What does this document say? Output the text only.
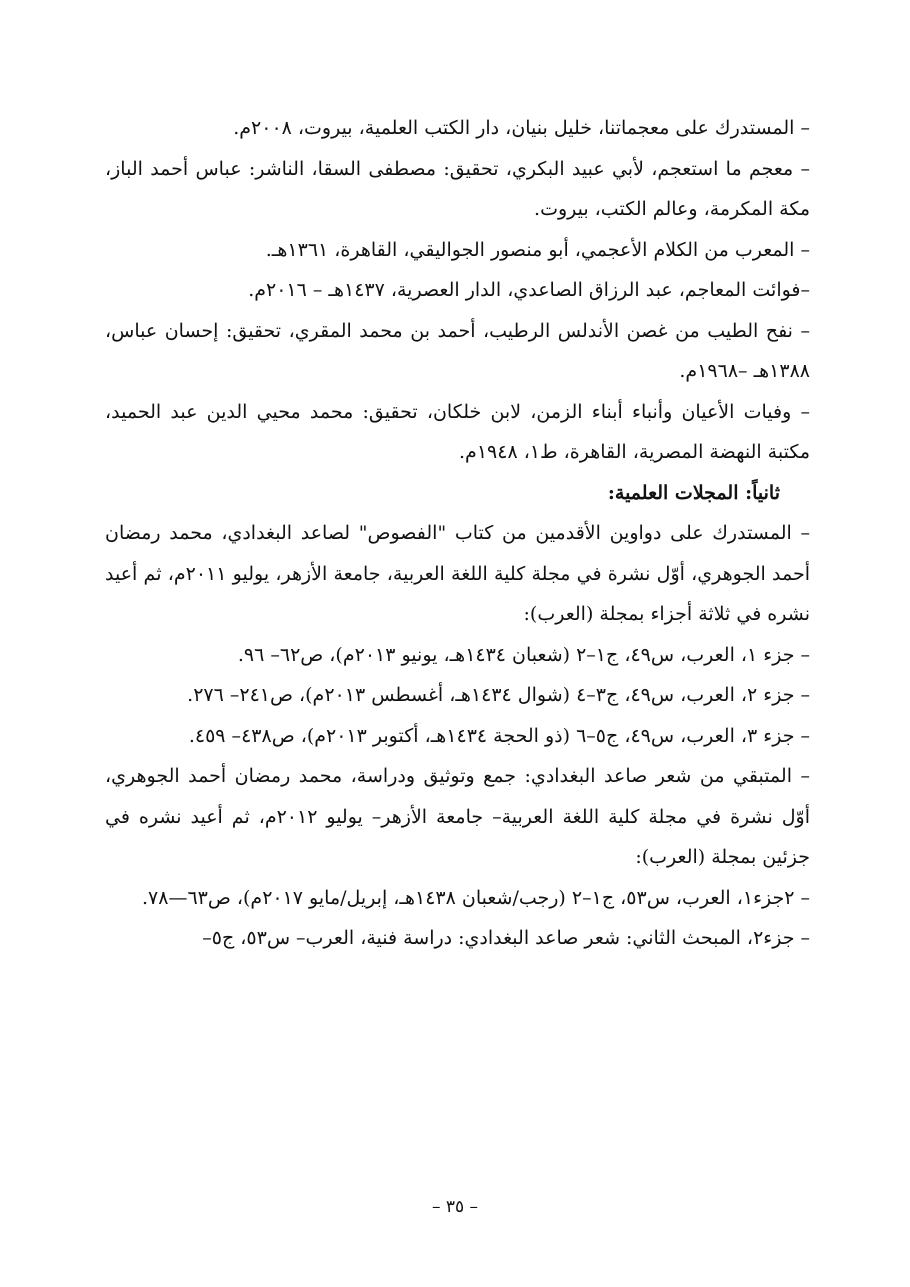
– المستدرك على معجماتنا، خليل بنيان، دار الكتب العلمية، بيروت، ٢٠٠٨م.

– معجم ما استعجم، لأبي عبيد البكري، تحقيق: مصطفى السقا، الناشر: عباس أحمد الباز، مكة المكرمة، وعالم الكتب، بيروت.

– المعرب من الكلام الأعجمي، أبو منصور الجواليقي، القاهرة، ١٣٦١هـ.

–فوائت المعاجم، عبد الرزاق الصاعدي، الدار العصرية، ١٤٣٧هـ – ٢٠١٦م.

– نفح الطيب من غصن الأندلس الرطيب، أحمد بن محمد المقري، تحقيق: إحسان عباس، ١٣٨٨هـ –١٩٦٨م.

– وفيات الأعيان وأنباء أبناء الزمن، لابن خلكان، تحقيق: محمد محيي الدين عبد الحميد، مكتبة النهضة المصرية، القاهرة، ط١، ١٩٤٨م.

ثانياً: المجلات العلمية:

– المستدرك على دواوين الأقدمين من كتاب "الفصوص" لصاعد البغدادي، محمد رمضان أحمد الجوهري، أوّل نشرة في مجلة كلية اللغة العربية، جامعة الأزهر، يوليو ٢٠١١م، ثم أعيد نشره في ثلاثة أجزاء بمجلة (العرب):

– جزء ١، العرب، س٤٩، ج١–٢ (شعبان ١٤٣٤هـ، يونيو ٢٠١٣م)، ص٦٢– ٩٦.

– جزء ٢، العرب، س٤٩، ج٣–٤ (شوال ١٤٣٤هـ، أغسطس ٢٠١٣م)، ص٢٤١– ٢٧٦.

– جزء ٣، العرب، س٤٩، ج٥–٦ (ذو الحجة ١٤٣٤هـ، أكتوبر ٢٠١٣م)، ص٤٣٨– ٤٥٩.

– المتبقي من شعر صاعد البغدادي: جمع وتوثيق ودراسة، محمد رمضان أحمد الجوهري، أوّل نشرة في مجلة كلية اللغة العربية– جامعة الأزهر– يوليو ٢٠١٢م، ثم أعيد نشره في جزئين بمجلة (العرب):

– ٢جزء١، العرب، س٥٣، ج١–٢ (رجب/شعبان ١٤٣٨هـ، إبريل/مايو ٢٠١٧م)، ص٦٣—٧٨.

– جزء٢، المبحث الثاني: شعر صاعد البغدادي: دراسة فنية، العرب– س٥٣، ج٥–

– ٣٥ –
